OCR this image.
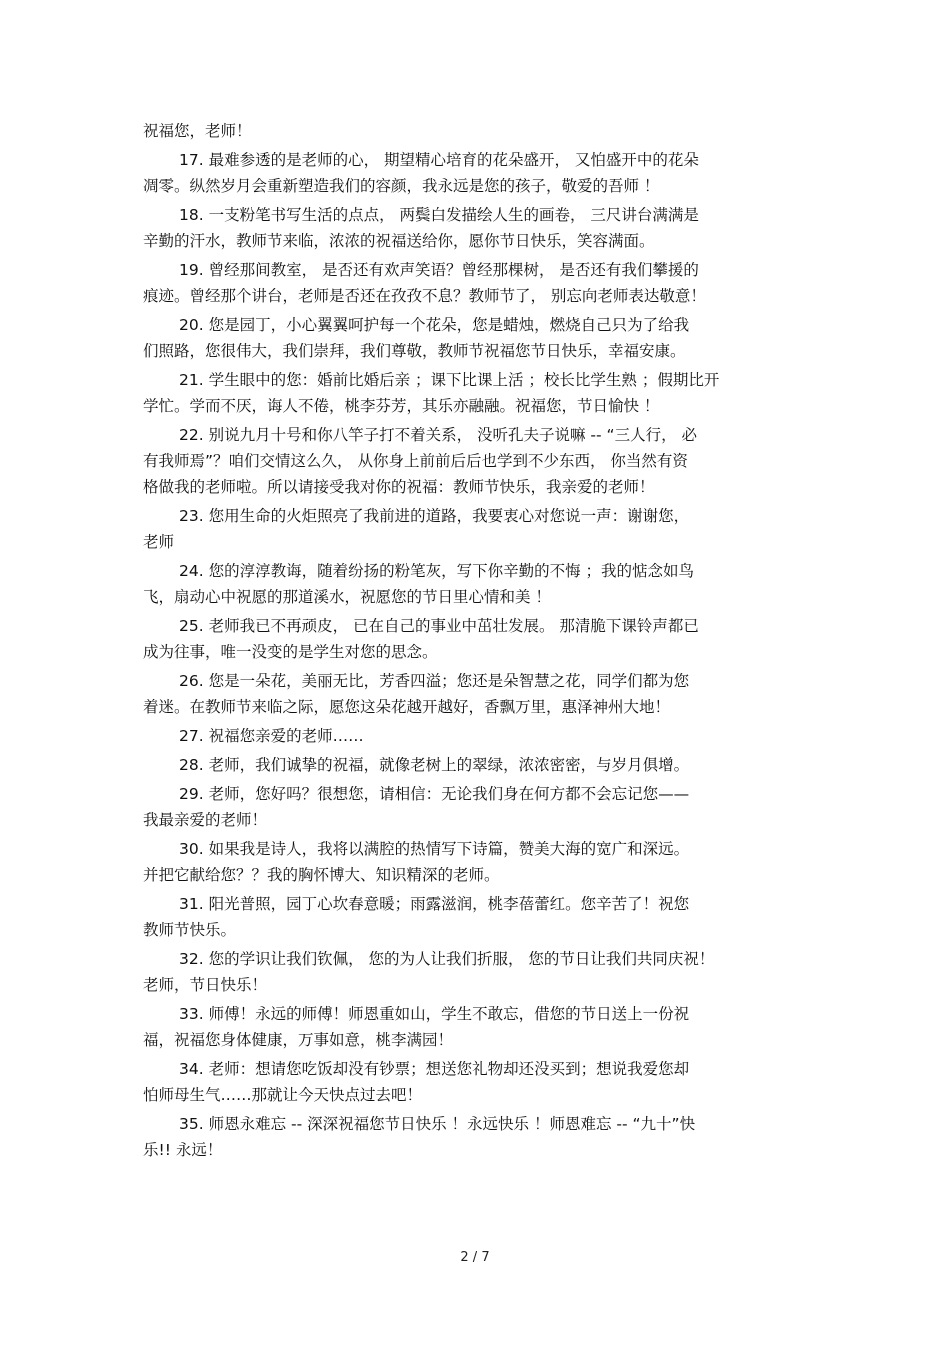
祝福您，老师！
17. 最难参透的是老师的心， 期望精心培育的花朵盛开， 又怕盛开中的花朵
凋零。纵然岁月会重新塑造我们的容颜，我永远是您的孩子，敬爱的吾师 ！
18. 一支粉笔书写生活的点点， 两鬓白发描绘人生的画卷， 三尺讲台满满是
辛勤的汗水，教师节来临，浓浓的祝福送给你，愿你节日快乐，笑容满面。
19. 曾经那间教室， 是否还有欢声笑语？曾经那棵树， 是否还有我们攀援的
痕迹。曾经那个讲台，老师是否还在孜孜不息？教师节了， 别忘向老师表达敬意！
20. 您是园丁，小心翼翼呵护每一个花朵，您是蜡烛，燃烧自己只为了给我
们照路，您很伟大，我们崇拜，我们尊敬，教师节祝福您节日快乐，幸福安康。
21. 学生眼中的您：婚前比婚后亲 ；课下比课上活 ；校长比学生熟 ；假期比开
学忙。学而不厌，诲人不倦，桃李芬芳，其乐亦融融。祝福您，节日愉快 ！
22. 别说九月十号和你八竿子打不着关系， 没听孔夫子说嘛 -- “三人行， 必
有我师焉”？咱们交情这么久， 从你身上前前后后也学到不少东西， 你当然有资
格做我的老师啦。所以请接受我对你的祝福：教师节快乐，我亲爱的老师！
23. 您用生命的火炬照亮了我前进的道路，我要衷心对您说一声：谢谢您，
老师
24. 您的淳淳教诲，随着纷扬的粉笔灰，写下你辛勤的不悔 ；我的惦念如鸟
飞，扇动心中祝愿的那道溪水，祝愿您的节日里心情和美 ！
25. 老师我已不再顽皮， 已在自己的事业中茁壮发展。 那清脆下课铃声都已
成为往事，唯一没变的是学生对您的思念。
26. 您是一朵花，美丽无比，芳香四溢；您还是朵智慧之花，同学们都为您
着迷。在教师节来临之际，愿您这朵花越开越好，香飘万里，惠泽神州大地！
27. 祝福您亲爱的老师……
28. 老师，我们诚挚的祝福，就像老树上的翠绿，浓浓密密，与岁月俱增。
29. 老师，您好吗？很想您，请相信：无论我们身在何方都不会忘记您——
我最亲爱的老师！
30. 如果我是诗人，我将以满腔的热情写下诗篇，赞美大海的宽广和深远。
并把它献给您？？我的胸怀博大、知识精深的老师。
31. 阳光普照，园丁心坎春意暖；雨露滋润，桃李蓓蕾红。您辛苦了！祝您
教师节快乐。
32. 您的学识让我们钦佩， 您的为人让我们折服， 您的节日让我们共同庆祝！
老师，节日快乐！
33. 师傅！永远的师傅！师恩重如山，学生不敢忘，借您的节日送上一份祝
福，祝福您身体健康，万事如意，桃李满园！
34. 老师：想请您吃饭却没有钞票；想送您礼物却还没买到；想说我爱您却
怕师母生气……那就让今天快点过去吧！
35. 师恩永难忘 -- 深深祝福您节日快乐 ！永远快乐 ！师恩难忘 -- “九十”快
乐!! 永远！
2 / 7
